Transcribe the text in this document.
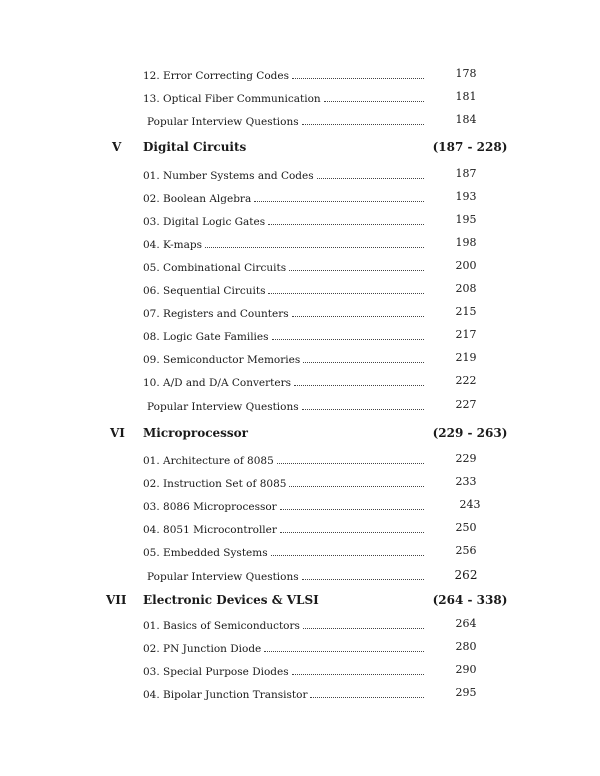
12. Error Correcting Codes	178
13. Optical Fiber Communication	181
Popular Interview Questions	184
V Digital Circuits	(187 - 228)
01. Number Systems and Codes	187
02. Boolean Algebra	193
03. Digital Logic Gates	195
04. K-maps	198
05. Combinational Circuits	200
06. Sequential Circuits	208
07. Registers and Counters	215
08. Logic Gate Families	217
09. Semiconductor Memories	219
10. A/D and D/A Converters	222
Popular Interview Questions	227
VI Microprocessor	(229 - 263)
01. Architecture of 8085	229
02. Instruction Set of 8085	233
03. 8086 Microprocessor	243
04. 8051 Microcontroller	250
05. Embedded Systems	256
Popular Interview Questions	262
VII Electronic Devices & VLSI	(264 - 338)
01. Basics of Semiconductors	264
02. PN Junction Diode	280
03. Special Purpose Diodes	290
04. Bipolar Junction Transistor	295
